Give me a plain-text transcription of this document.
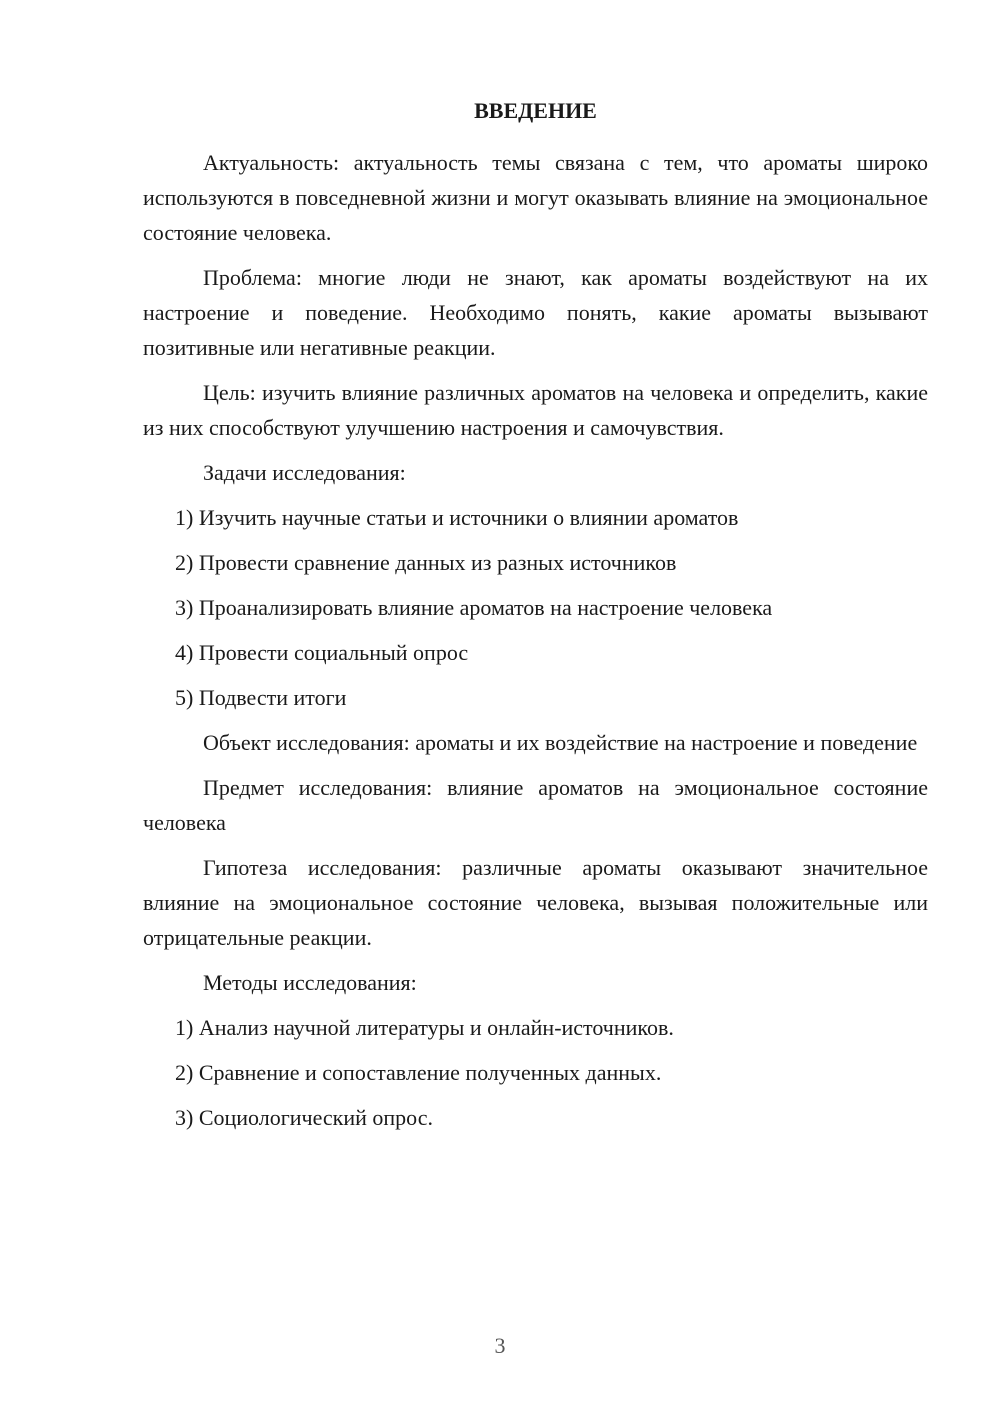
ВВЕДЕНИЕ

Актуальность: актуальность темы связана с тем, что ароматы широко используются в повседневной жизни и могут оказывать влияние на эмоциональное состояние человека.

Проблема: многие люди не знают, как ароматы воздействуют на их настроение и поведение. Необходимо понять, какие ароматы вызывают позитивные или негативные реакции.

Цель: изучить влияние различных ароматов на человека и определить, какие из них способствуют улучшению настроения и самочувствия.

Задачи исследования:
1) Изучить научные статьи и источники о влиянии ароматов
2) Провести сравнение данных из разных источников
3) Проанализировать влияние ароматов на настроение человека
4) Провести социальный опрос
5) Подвести итоги

Объект исследования: ароматы и их воздействие на настроение и поведение

Предмет исследования: влияние ароматов на эмоциональное состояние человека

Гипотеза исследования: различные ароматы оказывают значительное влияние на эмоциональное состояние человека, вызывая положительные или отрицательные реакции.

Методы исследования:
1) Анализ научной литературы и онлайн-источников.
2) Сравнение и сопоставление полученных данных.
3) Социологический опрос.
3
